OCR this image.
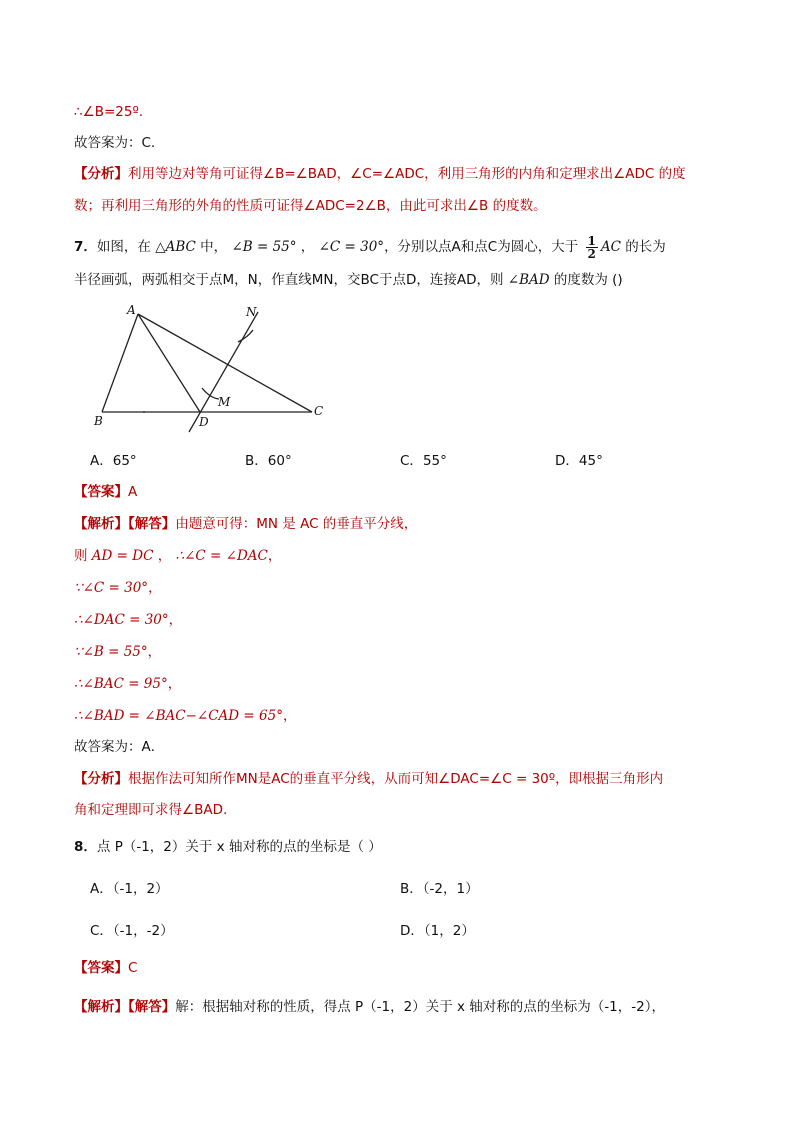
∴∠B=25º.
故答案为：C.
【分析】利用等边对等角可证得∠B=∠BAD，∠C=∠ADC，利用三角形的内角和定理求出∠ADC 的度
数；再利用三角形的外角的性质可证得∠ADC=2∠B，由此可求出∠B 的度数。
7．如图，在 △ABC 中， ∠B = 55° ， ∠C = 30°，分别以点A和点C为圆心，大于 $\frac{1}{2}$ AC 的长为
半径画弧，两弧相交于点M，N，作直线MN，交BC于点D，连接AD，则 ∠BAD 的度数为 ()
A
B
C
D
M
N
A．65°	B．60°	C．55°	D．45°
【答案】A
【解析】【解答】由题意可得：MN 是 AC 的垂直平分线，
则 AD = DC ， ∴∠C = ∠DAC，
∵∠C = 30°，
∴∠DAC = 30°，
∵∠B = 55°，
∴∠BAC = 95°，
∴∠BAD = ∠BAC−∠CAD = 65°，
故答案为：A．
【分析】根据作法可知所作MN是AC的垂直平分线，从而可知∠DAC=∠C = 30º，即根据三角形内
角和定理即可求得∠BAD.
8．点 P（-1，2）关于 x 轴对称的点的坐标是（ ）
A．（-1，2）	B．（-2，1）
C．（-1，-2）	D．（1，2）
【答案】C
【解析】【解答】解：根据轴对称的性质，得点 P（-1，2）关于 x 轴对称的点的坐标为（-1，-2），
